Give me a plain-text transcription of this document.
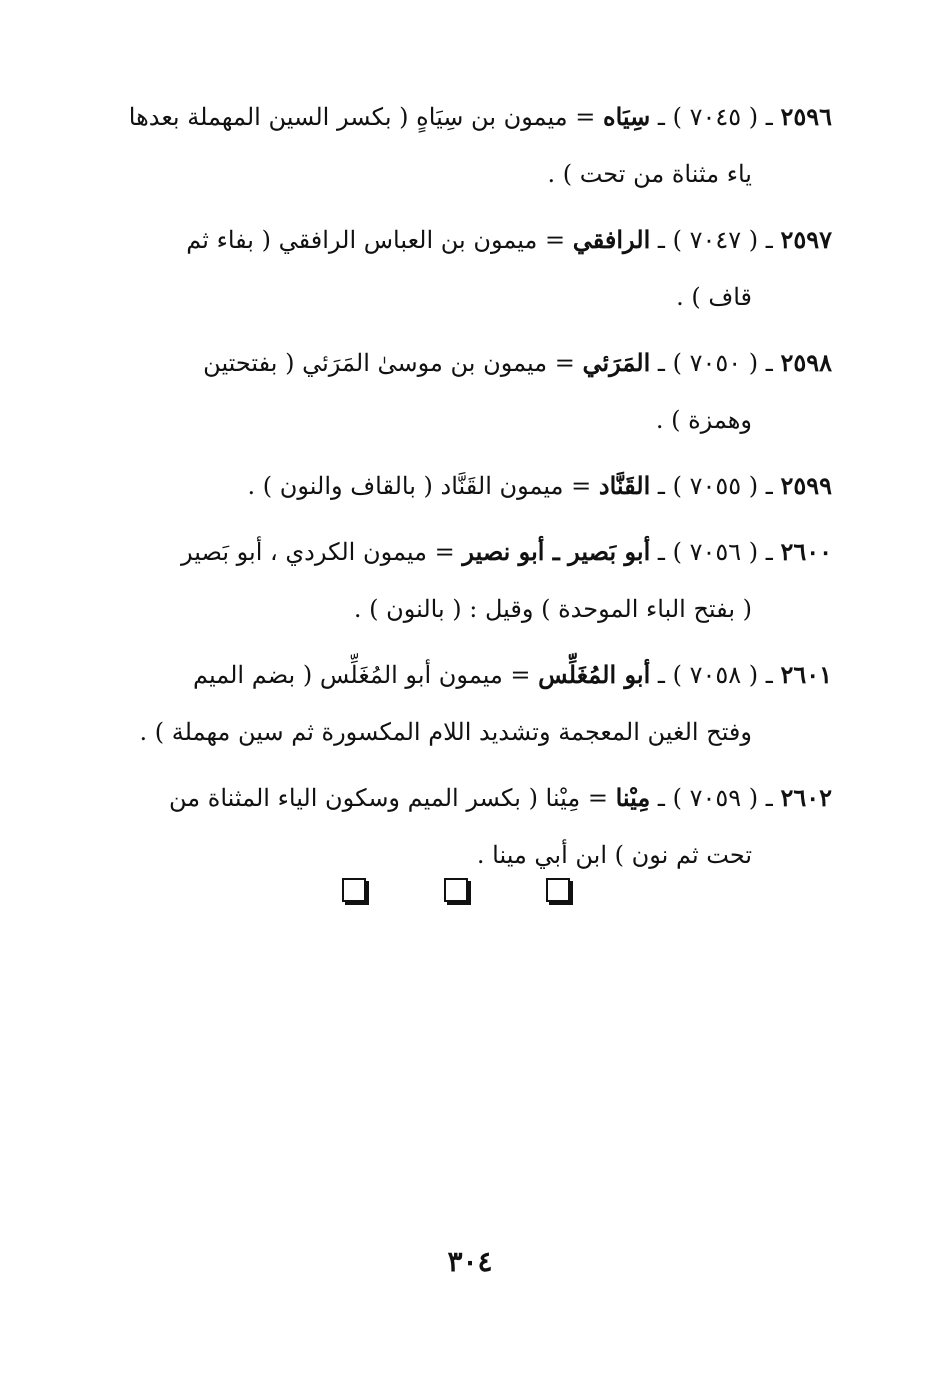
٢٥٩٦ ـ ( ٧٠٤٥ ) ـ سِيَاه = ميمون بن سِيَاهٍ ( بكسر السين المهملة بعدها
ياء مثناة من تحت ) .
٢٥٩٧ ـ ( ٧٠٤٧ ) ـ الرافقي = ميمون بن العباس الرافقي ( بفاء ثم
قاف ) .
٢٥٩٨ ـ ( ٧٠٥٠ ) ـ المَرَئي = ميمون بن موسىٰ المَرَئي ( بفتحتين
وهمزة ) .
٢٥٩٩ ـ ( ٧٠٥٥ ) ـ القَنَّاد = ميمون القَنَّاد ( بالقاف والنون ) .
٢٦٠٠ ـ ( ٧٠٥٦ ) ـ أبو بَصير ـ أبو نصير = ميمون الكردي ، أبو بَصير
( بفتح الباء الموحدة ) وقيل : ( بالنون ) .
٢٦٠١ ـ ( ٧٠٥٨ ) ـ أبو المُغَلِّس = ميمون أبو المُغَلِّس ( بضم الميم
وفتح الغين المعجمة وتشديد اللام المكسورة ثم سين مهملة ) .
٢٦٠٢ ـ ( ٧٠٥٩ ) ـ مِيْنا = مِيْنا ( بكسر الميم وسكون الياء المثناة من
تحت ثم نون ) ابن أبي مينا .
٣٠٤
